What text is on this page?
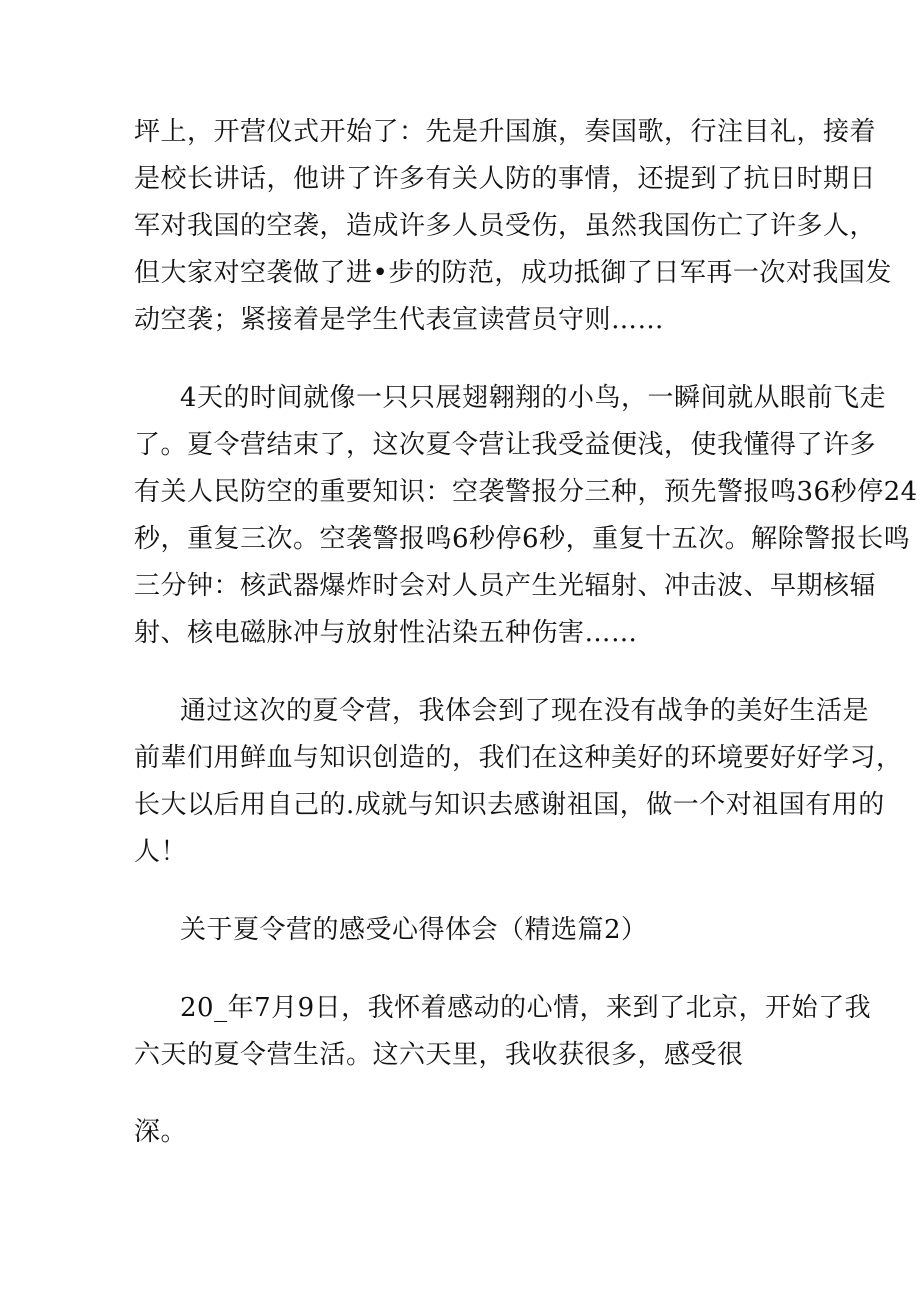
坪上，开营仪式开始了：先是升国旗，奏国歌，行注目礼，接着
是校长讲话，他讲了许多有关人防的事情，还提到了抗日时期日
军对我国的空袭，造成许多人员受伤，虽然我国伤亡了许多人，
但大家对空袭做了进•步的防范，成功抵御了日军再一次对我国发
动空袭；紧接着是学生代表宣读营员守则……
4天的时间就像一只只展翅翱翔的小鸟，一瞬间就从眼前飞走
了。夏令营结束了，这次夏令营让我受益便浅，使我懂得了许多
有关人民防空的重要知识：空袭警报分三种，预先警报鸣36秒停24
秒，重复三次。空袭警报鸣6秒停6秒，重复十五次。解除警报长鸣
三分钟：核武器爆炸时会对人员产生光辐射、冲击波、早期核辐
射、核电磁脉冲与放射性沾染五种伤害……
通过这次的夏令营，我体会到了现在没有战争的美好生活是
前辈们用鲜血与知识创造的，我们在这种美好的环境要好好学习，
长大以后用自己的.成就与知识去感谢祖国，做一个对祖国有用的
人！
关于夏令营的感受心得体会（精选篇2）
20_年7月9日，我怀着感动的心情，来到了北京，开始了我
六天的夏令营生活。这六天里，我收获很多，感受很
深。
